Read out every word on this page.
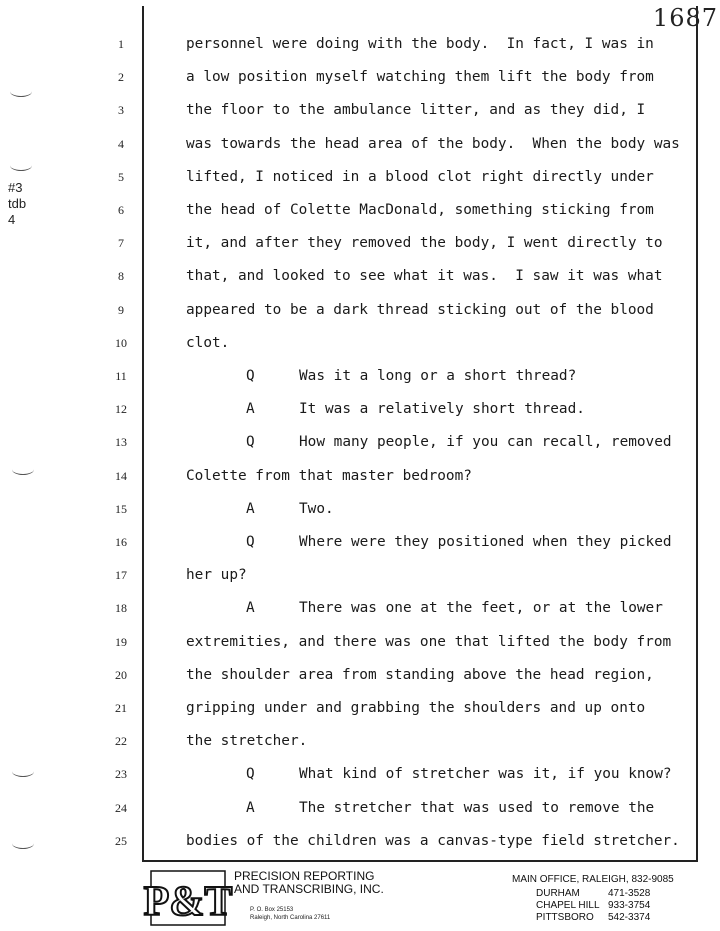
1687
#3
tdb
4
1
2
3
4
5
6
7
8
9
10
11
12
13
14
15
16
17
18
19
20
21
22
23
24
25
personnel were doing with the body.  In fact, I was in
a low position myself watching them lift the body from
the floor to the ambulance litter, and as they did, I
was towards the head area of the body.  When the body was
lifted, I noticed in a blood clot right directly under
the head of Colette MacDonald, something sticking from
it, and after they removed the body, I went directly to
that, and looked to see what it was.  I saw it was what
appeared to be a dark thread sticking out of the blood
clot.
Q	Was it a long or a short thread?
A	It was a relatively short thread.
Q	How many people, if you can recall, removed
Colette from that master bedroom?
A	Two.
Q	Where were they positioned when they picked
her up?
A	There was one at the feet, or at the lower
extremities, and there was one that lifted the body from
the shoulder area from standing above the head region,
gripping under and grabbing the shoulders and up onto
the stretcher.
Q	What kind of stretcher was it, if you know?
A	The stretcher that was used to remove the
bodies of the children was a canvas-type field stretcher.
P&T
PRECISION REPORTING
AND TRANSCRIBING, INC.
P. O. Box 25153
Raleigh, North Carolina 27611
MAIN OFFICE, RALEIGH, 832-9085
DURHAM	471-3528
CHAPEL HILL 933-3754
PITTSBORO 542-3374
